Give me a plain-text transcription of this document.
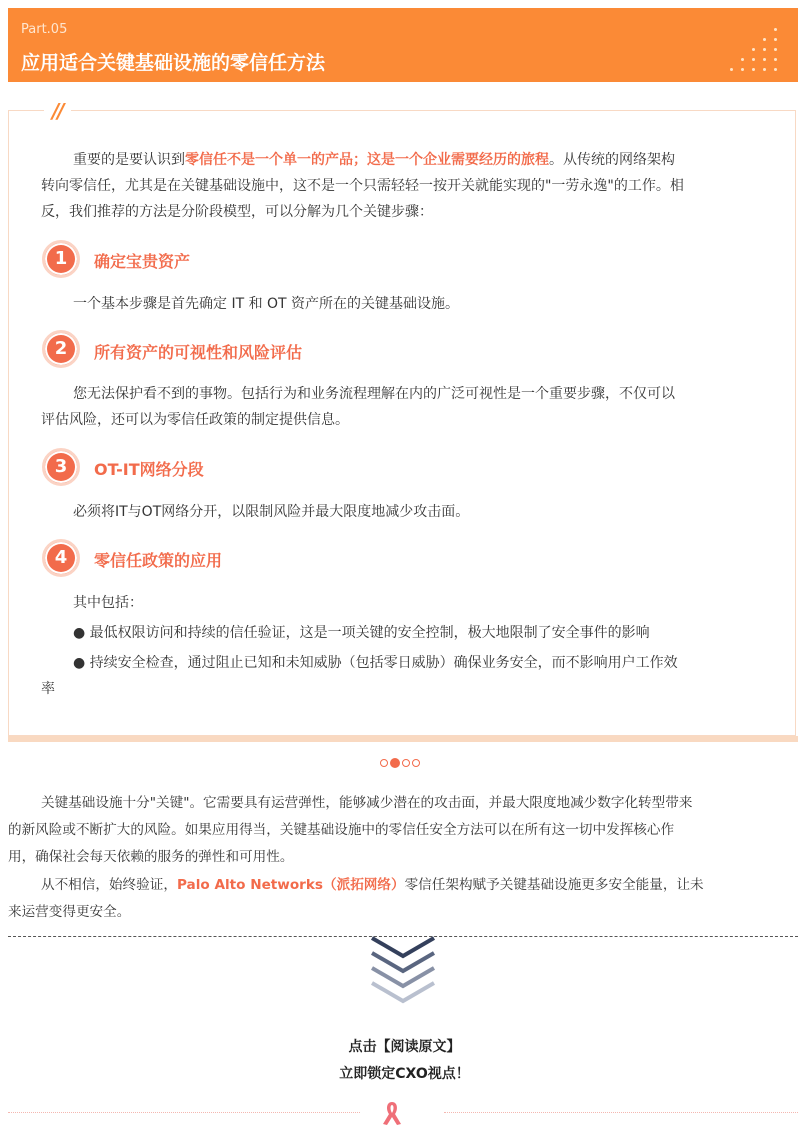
Part.05
应用适合关键基础设施的零信任方法
//
重要的是要认识到零信任不是一个单一的产品；这是一个企业需要经历的旅程。从传统的网络架构
转向零信任，尤其是在关键基础设施中，这不是一个只需轻轻一按开关就能实现的"一劳永逸"的工作。相
反，我们推荐的方法是分阶段模型，可以分解为几个关键步骤：
1	确定宝贵资产
一个基本步骤是首先确定 IT 和 OT 资产所在的关键基础设施。
2	所有资产的可视性和风险评估
您无法保护看不到的事物。包括行为和业务流程理解在内的广泛可视性是一个重要步骤，不仅可以
评估风险，还可以为零信任政策的制定提供信息。
3	OT-IT网络分段
必须将IT与OT网络分开，以限制风险并最大限度地减少攻击面。
4	零信任政策的应用
其中包括：
● 最低权限访问和持续的信任验证，这是一项关键的安全控制，极大地限制了安全事件的影响
● 持续安全检查，通过阻止已知和未知威胁（包括零日威胁）确保业务安全，而不影响用户工作效
率
关键基础设施十分"关键"。它需要具有运营弹性，能够减少潜在的攻击面，并最大限度地减少数字化转型带来
的新风险或不断扩大的风险。如果应用得当，关键基础设施中的零信任安全方法可以在所有这一切中发挥核心作
用，确保社会每天依赖的服务的弹性和可用性。
从不相信，始终验证，Palo Alto Networks（派拓网络）零信任架构赋予关键基础设施更多安全能量，让未
来运营变得更安全。
点击【阅读原文】
立即锁定CXO视点！
